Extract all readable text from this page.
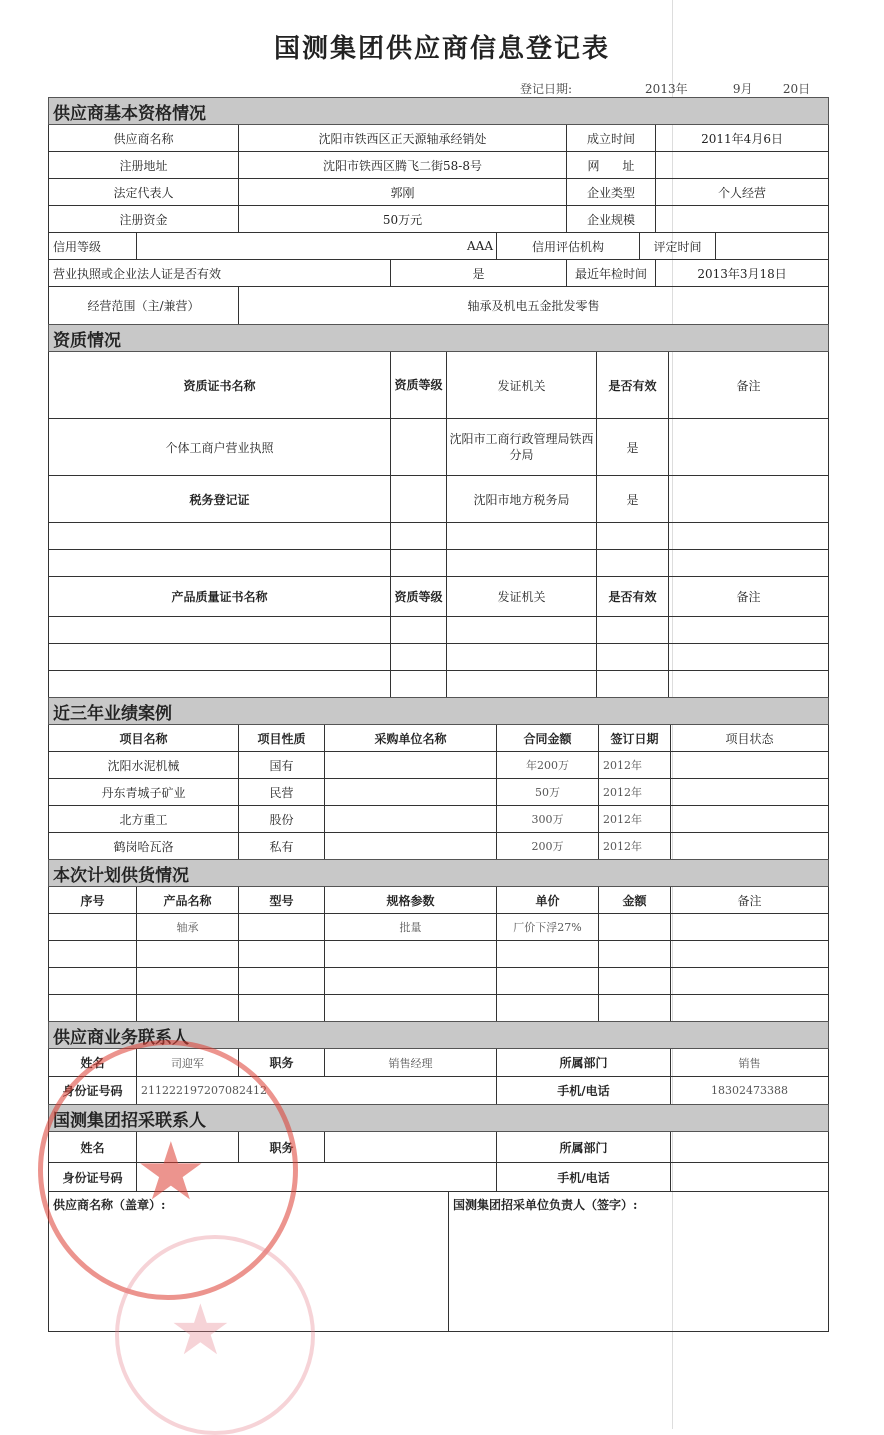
国测集团供应商信息登记表
登记日期:	2013年	9月	20日
供应商基本资格情况								
供应商名称		沈阳市铁西区正天源轴承经销处			成立时间		2011年4月6日	
注册地址		沈阳市铁西区腾飞二街58-8号			网      址			
法定代表人		郭刚			企业类型		个人经营	
注册资金		50万元			企业规模			
信用等级	AAA			信用评估机构		评定时间		
营业执照或企业法人证是否有效			是		最近年检时间		2013年3月18日	
经营范围（主/兼营）		轴承及机电五金批发零售						
资质情况				
资质证书名称	资质等级	发证机关	是否有效	备注
个体工商户营业执照		沈阳市工商行政管理局铁西分局	是	
税务登记证		沈阳市地方税务局	是	

产品质量证书名称	资质等级	发证机关	是否有效	备注

近三年业绩案例					
项目名称	项目性质	采购单位名称	合同金额	签订日期	项目状态
沈阳水泥机械	国有		年200万	2012年	
丹东青城子矿业	民营		50万	2012年	
北方重工	股份		300万	2012年	
鹤岗哈瓦洛	私有		200万	2012年	
本次计划供货情况						
序号	产品名称	型号	规格参数	单价	金额	备注
	轴承		批量	厂价下浮27%		

供应商业务联系人					
姓名	司迎军	职务	销售经理	所属部门	销售
身份证号码	211222197207082412			手机/电话	18302473388
国测集团招采联系人					
姓名		职务		所属部门	
身份证号码				手机/电话	
供应商名称（盖章）:	国测集团招采单位负责人（签字）:
★
★
